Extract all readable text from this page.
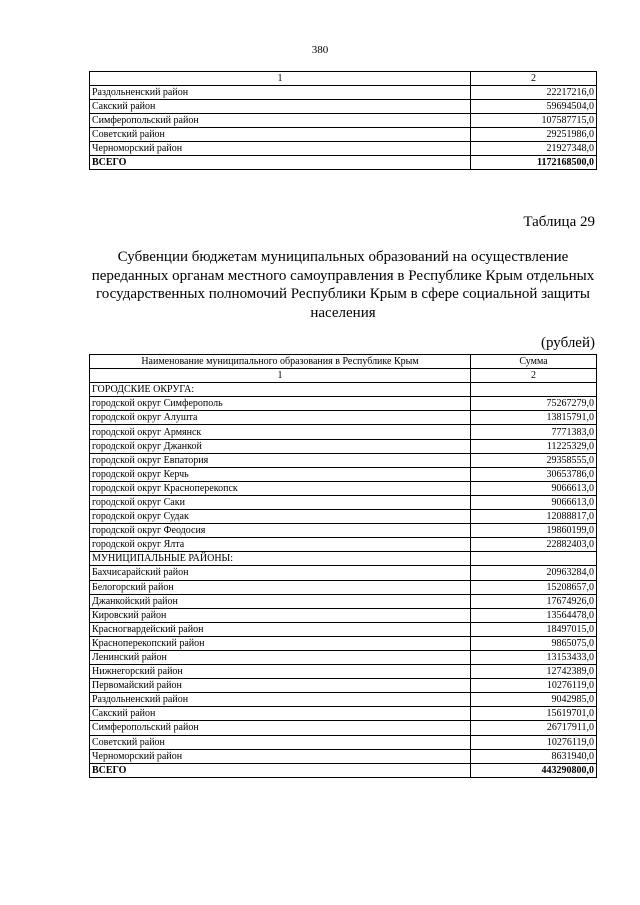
380
1	2
Раздольненский район	22217216,0
Сакский район	59694504,0
Симферопольский район	107587715,0
Советский район	29251986,0
Черноморский район	21927348,0
ВСЕГО	1172168500,0
Таблица 29
Субвенции бюджетам муниципальных образований на осуществление переданных органам местного самоуправления в Республике Крым отдельных государственных полномочий Республики Крым в сфере социальной защиты населения
(рублей)
Наименование муниципального образования в Республике Крым	Сумма
1	2
ГОРОДСКИЕ ОКРУГА:	
городской округ Симферополь	75267279,0
городской округ Алушта	13815791,0
городской округ Армянск	7771383,0
городской округ Джанкой	11225329,0
городской округ Евпатория	29358555,0
городской округ Керчь	30653786,0
городской округ Красноперекопск	9066613,0
городской округ Саки	9066613,0
городской округ Судак	12088817,0
городской округ Феодосия	19860199,0
городской округ Ялта	22882403,0
МУНИЦИПАЛЬНЫЕ РАЙОНЫ:	
Бахчисарайский район	20963284,0
Белогорский район	15208657,0
Джанкойский район	17674926,0
Кировский район	13564478,0
Красногвардейский район	18497015,0
Красноперекопский район	9865075,0
Ленинский район	13153433,0
Нижнегорский район	12742389,0
Первомайский район	10276119,0
Раздольненский район	9042985,0
Сакский район	15619701,0
Симферопольский район	26717911,0
Советский район	10276119,0
Черноморский район	8631940,0
ВСЕГО	443290800,0
